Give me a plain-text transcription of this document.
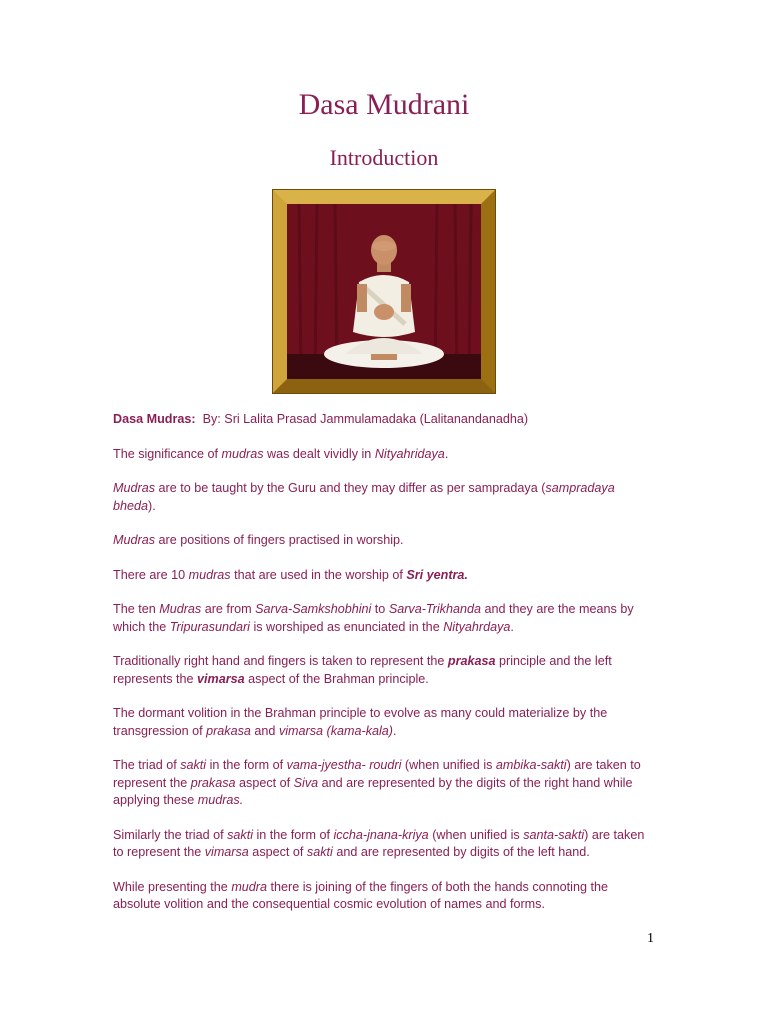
Dasa Mudrani
Introduction

Dasa Mudras: By: Sri Lalita Prasad Jammulamadaka (Lalitanandanadha)

The significance of mudras was dealt vividly in Nityahridaya.

Mudras are to be taught by the Guru and they may differ as per sampradaya (sampradaya bheda).

Mudras are positions of fingers practised in worship.

There are 10 mudras that are used in the worship of Sri yentra.

The ten Mudras are from Sarva-Samkshobhini to Sarva-Trikhanda and they are the means by which the Tripurasundari is worshiped as enunciated in the Nityahrdaya.

Traditionally right hand and fingers is taken to represent the prakasa principle and the left represents the vimarsa aspect of the Brahman principle.

The dormant volition in the Brahman principle to evolve as many could materialize by the transgression of prakasa and vimarsa (kama-kala).

The triad of sakti in the form of vama-jyestha- roudri (when unified is ambika-sakti) are taken to represent the prakasa aspect of Siva and are represented by the digits of the right hand while applying these mudras.

Similarly the triad of sakti in the form of iccha-jnana-kriya (when unified is santa-sakti) are taken to represent the vimarsa aspect of sakti and are represented by digits of the left hand.

While presenting the mudra there is joining of the fingers of both the hands connoting the absolute volition and the consequential cosmic evolution of names and forms.

1
